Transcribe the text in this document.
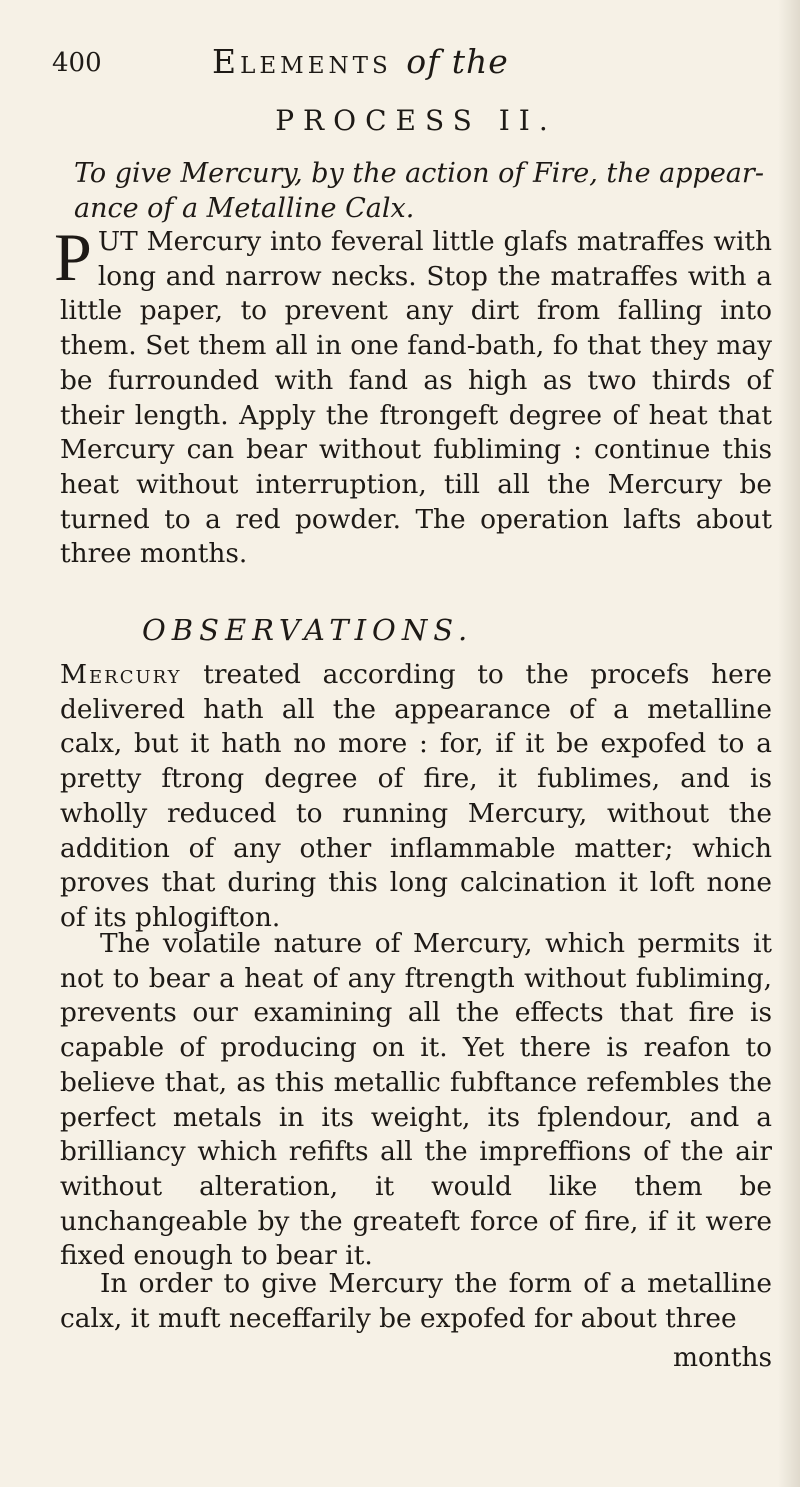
400	Elements of the
PROCESS II.
To give Mercury, by the action of Fire, the appear-

ance of a Metalline Calx.
PUT Mercury into feveral little glafs matraffes with long and narrow necks. Stop the matraffes with a little paper, to prevent any dirt from falling into them. Set them all in one fand-bath, fo that they may be furrounded with fand as high as two thirds of their length. Apply the ftrongeft degree of heat that Mercury can bear without fubliming : continue this heat without interruption, till all the Mercury be turned to a red powder. The operation lafts about three months.
OBSERVATIONS.
Mercury treated according to the procefs here delivered hath all the appearance of a metalline calx, but it hath no more : for, if it be expofed to a pretty ftrong degree of fire, it fublimes, and is wholly reduced to running Mercury, without the addition of any other inflammable matter; which proves that during this long calcination it loft none of its phlogifton.
The volatile nature of Mercury, which permits it not to bear a heat of any ftrength without fubliming, prevents our examining all the effects that fire is capable of producing on it. Yet there is reafon to believe that, as this metallic fubftance refembles the perfect metals in its weight, its fplendour, and a brilliancy which refifts all the impreffions of the air without alteration, it would like them be unchangeable by the greateft force of fire, if it were fixed enough to bear it.
In order to give Mercury the form of a metalline calx, it muft neceffarily be expofed for about three
months
